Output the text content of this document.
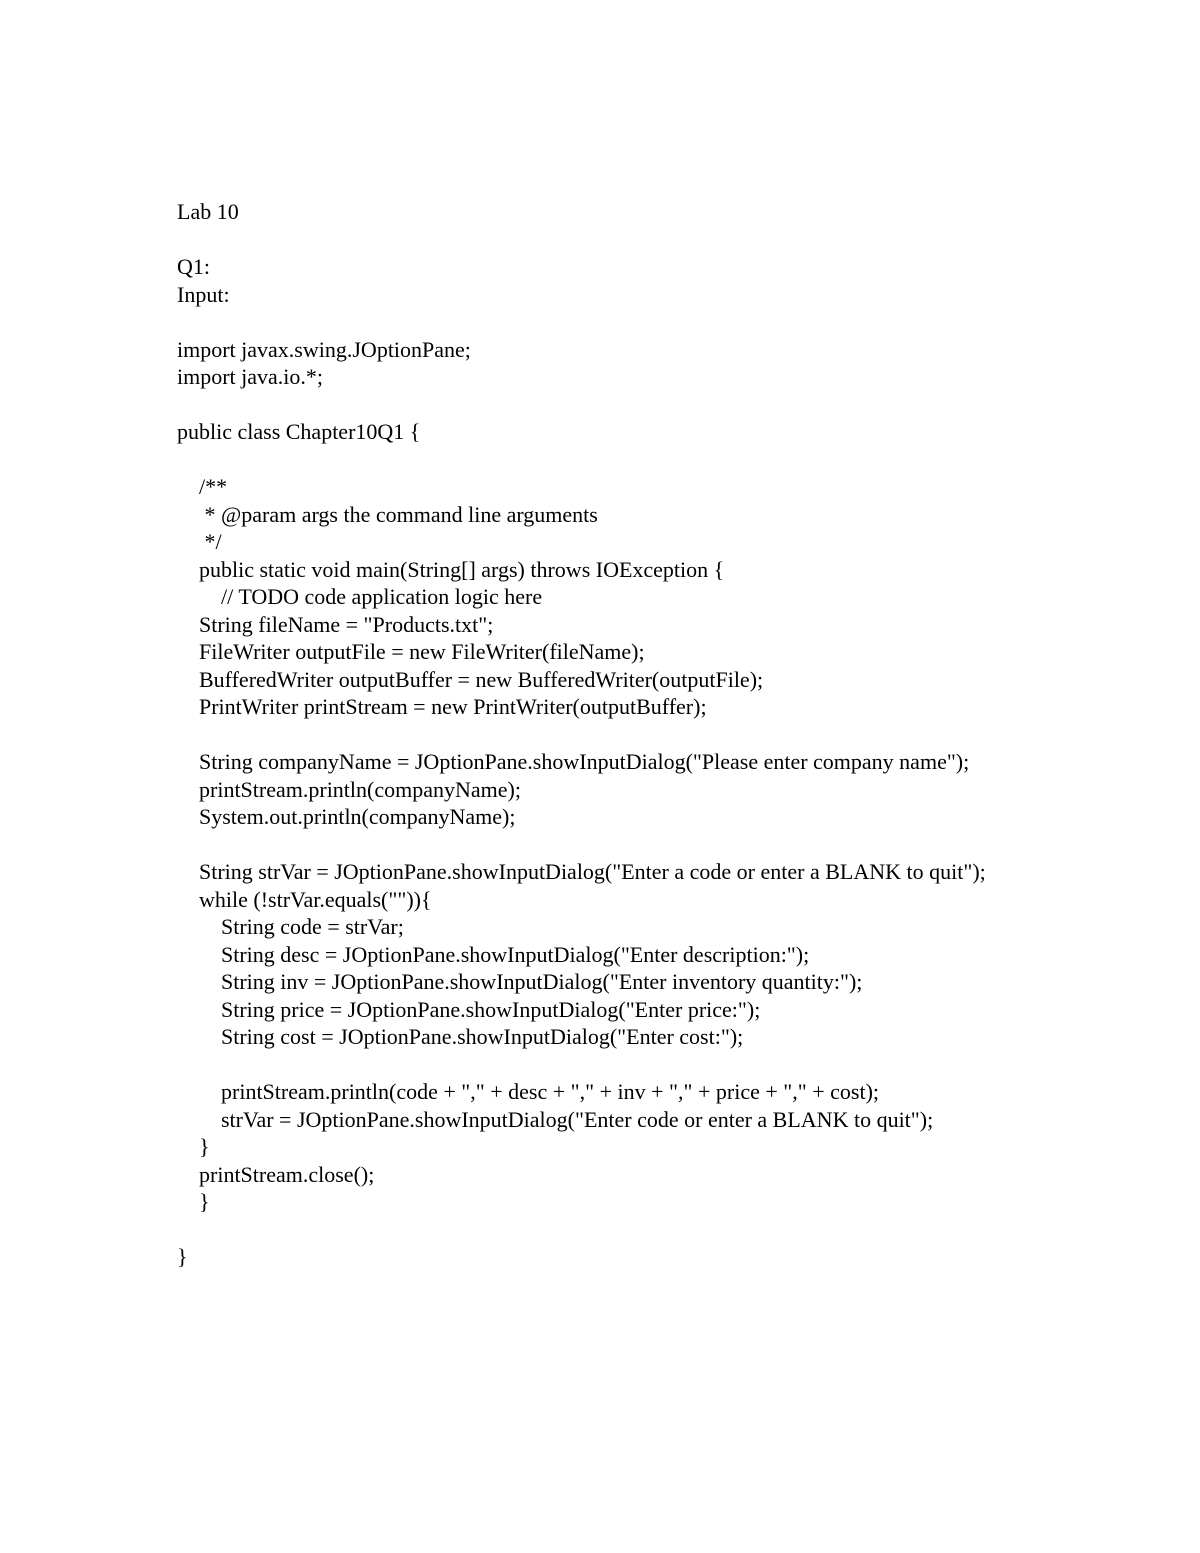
Lab 10
Q1:
Input:
import javax.swing.JOptionPane;
import java.io.*;
public class Chapter10Q1 {
/**
* @param args the command line arguments
*/
public static void main(String[] args) throws IOException {
// TODO code application logic here
String fileName = "Products.txt";
FileWriter outputFile = new FileWriter(fileName);
BufferedWriter outputBuffer = new BufferedWriter(outputFile);
PrintWriter printStream = new PrintWriter(outputBuffer);
String companyName = JOptionPane.showInputDialog("Please enter company name");
printStream.println(companyName);
System.out.println(companyName);
String strVar = JOptionPane.showInputDialog("Enter a code or enter a BLANK to quit");
while (!strVar.equals("")){
String code = strVar;
String desc = JOptionPane.showInputDialog("Enter description:");
String inv = JOptionPane.showInputDialog("Enter inventory quantity:");
String price = JOptionPane.showInputDialog("Enter price:");
String cost = JOptionPane.showInputDialog("Enter cost:");
printStream.println(code + "," + desc + "," + inv + "," + price + "," + cost);
strVar = JOptionPane.showInputDialog("Enter code or enter a BLANK to quit");
}
printStream.close();
}
}
